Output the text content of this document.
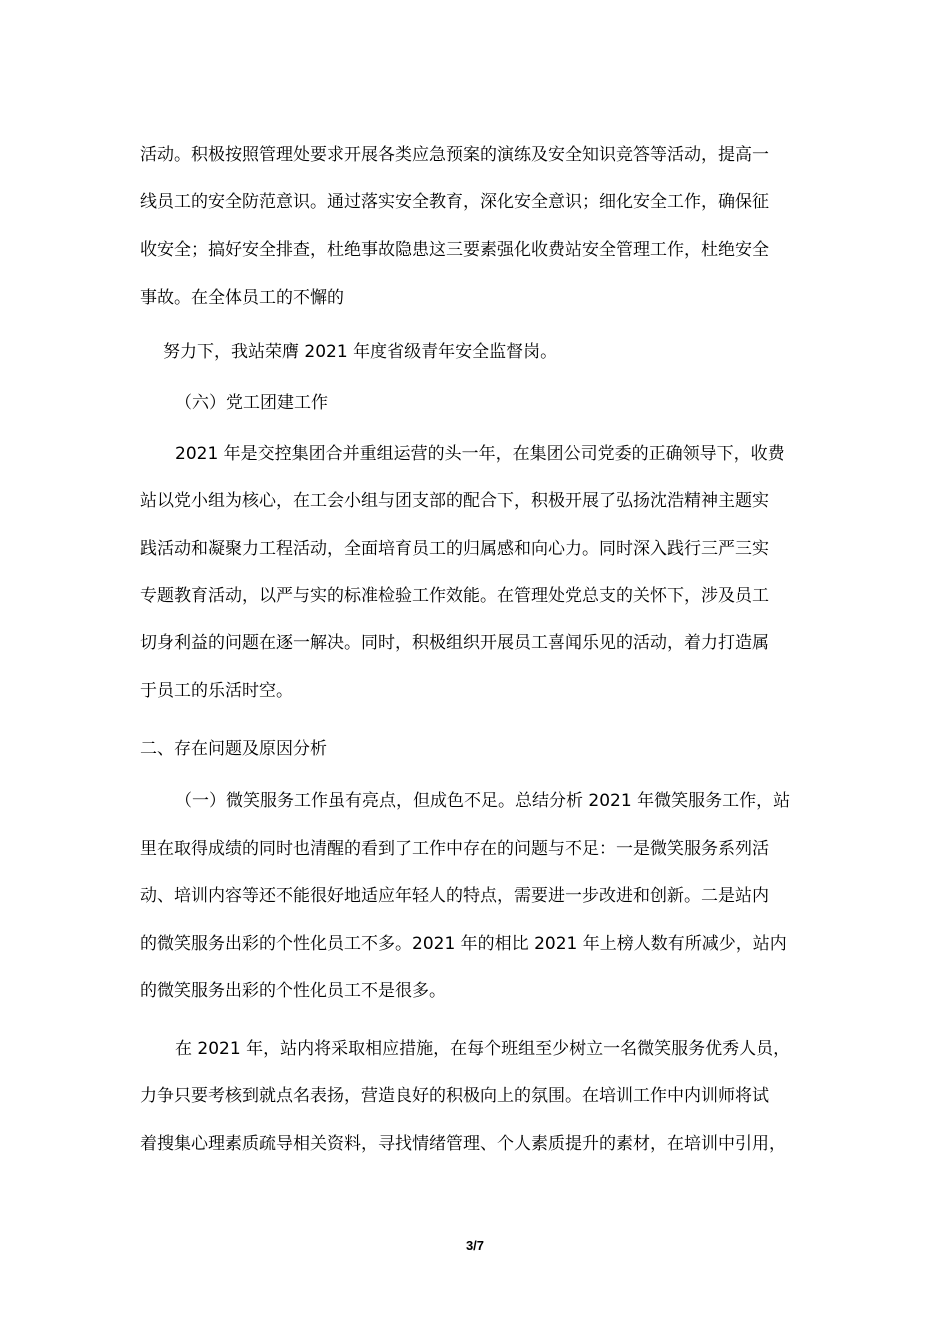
活动。积极按照管理处要求开展各类应急预案的演练及安全知识竞答等活动，提高一
线员工的安全防范意识。通过落实安全教育，深化安全意识；细化安全工作，确保征
收安全；搞好安全排查，杜绝事故隐患这三要素强化收费站安全管理工作，杜绝安全
事故。在全体员工的不懈的
努力下，我站荣膺 2021 年度省级青年安全监督岗。
（六）党工团建工作
2021 年是交控集团合并重组运营的头一年，在集团公司党委的正确领导下，收费
站以党小组为核心，在工会小组与团支部的配合下，积极开展了弘扬沈浩精神主题实
践活动和凝聚力工程活动，全面培育员工的归属感和向心力。同时深入践行三严三实
专题教育活动，以严与实的标准检验工作效能。在管理处党总支的关怀下，涉及员工
切身利益的问题在逐一解决。同时，积极组织开展员工喜闻乐见的活动，着力打造属
于员工的乐活时空。
二、存在问题及原因分析
（一）微笑服务工作虽有亮点，但成色不足。总结分析 2021 年微笑服务工作，站
里在取得成绩的同时也清醒的看到了工作中存在的问题与不足：一是微笑服务系列活
动、培训内容等还不能很好地适应年轻人的特点，需要进一步改进和创新。二是站内
的微笑服务出彩的个性化员工不多。2021 年的相比 2021 年上榜人数有所减少，站内
的微笑服务出彩的个性化员工不是很多。
在 2021 年，站内将采取相应措施，在每个班组至少树立一名微笑服务优秀人员，
力争只要考核到就点名表扬，营造良好的积极向上的氛围。在培训工作中内训师将试
着搜集心理素质疏导相关资料，寻找情绪管理、个人素质提升的素材，在培训中引用，
3/7
